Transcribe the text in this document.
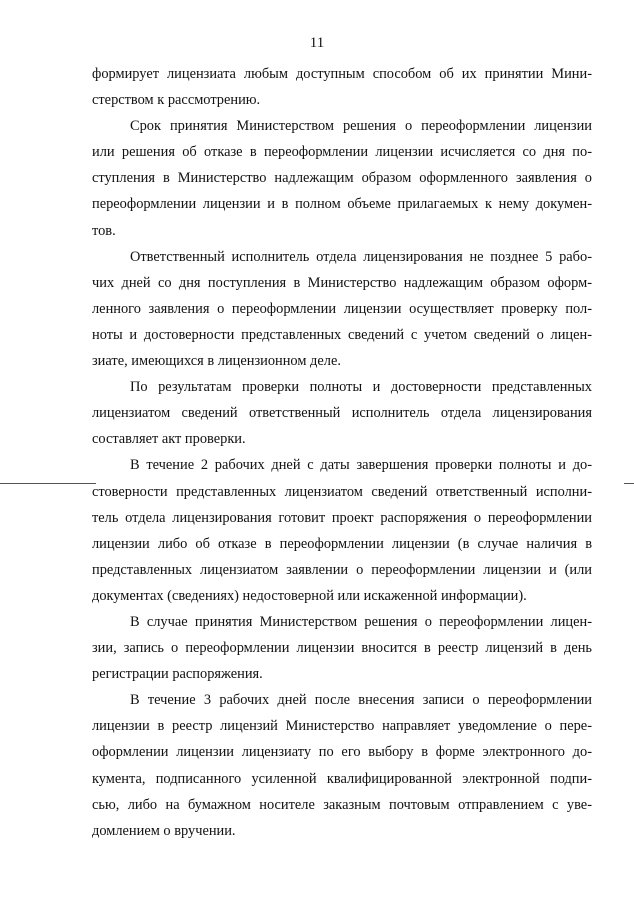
11
формирует лицензиата любым доступным способом об их принятии Мини-
стерством к рассмотрению.
Срок принятия Министерством решения о переоформлении лицензии
или решения об отказе в переоформлении лицензии исчисляется со дня по-
ступления в Министерство надлежащим образом оформленного заявления о
переоформлении лицензии и в полном объеме прилагаемых к нему докумен-
тов.
Ответственный исполнитель отдела лицензирования не позднее 5 рабо-
чих дней со дня поступления в Министерство надлежащим образом оформ-
ленного заявления о переоформлении лицензии осуществляет проверку пол-
ноты и достоверности представленных сведений с учетом сведений о лицен-
зиате, имеющихся в лицензионном деле.
По результатам проверки полноты и достоверности представленных
лицензиатом сведений ответственный исполнитель отдела лицензирования
составляет акт проверки.
В течение 2 рабочих дней с даты завершения проверки полноты и до-
стоверности представленных лицензиатом сведений ответственный исполни-
тель отдела лицензирования готовит проект распоряжения о переоформлении
лицензии либо об отказе в переоформлении лицензии (в случае наличия в
представленных лицензиатом заявлении о переоформлении лицензии и (или
документах (сведениях) недостоверной или искаженной информации).
В случае принятия Министерством решения о переоформлении лицен-
зии, запись о переоформлении лицензии вносится в реестр лицензий в день
регистрации распоряжения.
В течение 3 рабочих дней после внесения записи о переоформлении
лицензии в реестр лицензий Министерство направляет уведомление о пере-
оформлении лицензии лицензиату по его выбору в форме электронного до-
кумента, подписанного усиленной квалифицированной электронной подпи-
сью, либо на бумажном носителе заказным почтовым отправлением с уве-
домлением о вручении.
